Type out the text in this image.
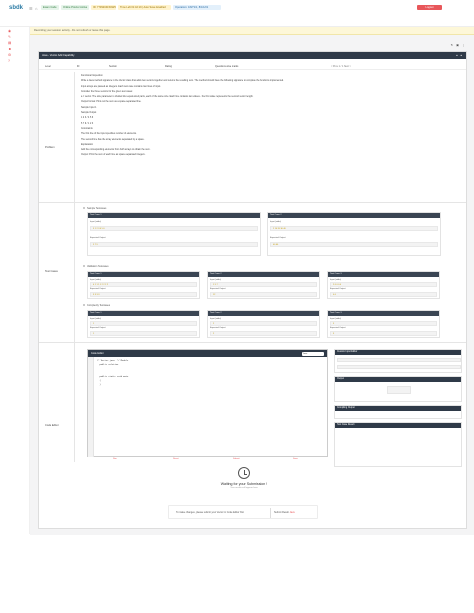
sbdk ☰ ⌂	Exam Code	Online Proctor Active	ID: 7739204154925	Time Left 01:42:19 | Auto Save Enabled	Operators: 1/8/71/1, 8/1/1/01	Logout
◉
✎
▤
☻
⚙
?
Recording your session activity - Do not refresh or leave this page.
↻▣⋮
Java - Vector Add Capability	● ●
Level	ID	Section	Rating	Questions wise marks	< Prev 1 / 1 Next >
Problem
Functional Inspection
Write a Java method signature in the Vector class that adds two vectors together and returns the resulting sum. The method should have the following signature to complete the functions implemented.
Input arrays are passed as integers. Each test case contains two lines of input.
Consider the three vectors for the given test cases:
a = vector. The size parameter is divided into equal-sized parts, each of the same size. Each line contains two values - the first value represents the second vector length.
Output format: Print out the sum as a space-separated line.
Sample Input 1
Sample Output
1 2 3 / 4 5 6
5 7 9 / 1 2 3
Constraints
The first line of the input specifies number of elements.
The second line has the array elements separated by a space.
Explanation
Add the corresponding elements from both arrays to obtain the sum.
Output: Print the sum of each line as space-separated integers.
Test Cases
Sample Testcases
Test Case 1
Input (stdin)
3 1 2 3 4 5 6
Expected Output
5 7 9
Test Case 2
Input (stdin)
2 10 20 30 40
Expected Output
40 60
Validation Testcases
Test Case 1
Input (stdin)
4 1 1 1 1 2 2 2 2
Expected Output
3 3 3 3
Test Case 2
Input (stdin)
1 5 7
Expected Output
12
Test Case 3
Input (stdin)
2 0 0 0 0
Expected Output
0 0
Complexity Testcases
Test Case 1
Input (stdin)
1
Expected Output
1
Test Case 2
Input (stdin)
2
Expected Output
2
Test Case 3
Input (stdin)
3
Expected Output
3
Code Editor
Code Editor	Java
/* Vector.java  */ Module
public solution

public static void main
{
}
Run	Reset	Submit	Save
Custom Input Editor
Output
Compiling Output
Test Case Result
Waiting for your Submission !
Your results will appear here
To make changes, please submit your Vector in Code Editor first	Submit Result Java
